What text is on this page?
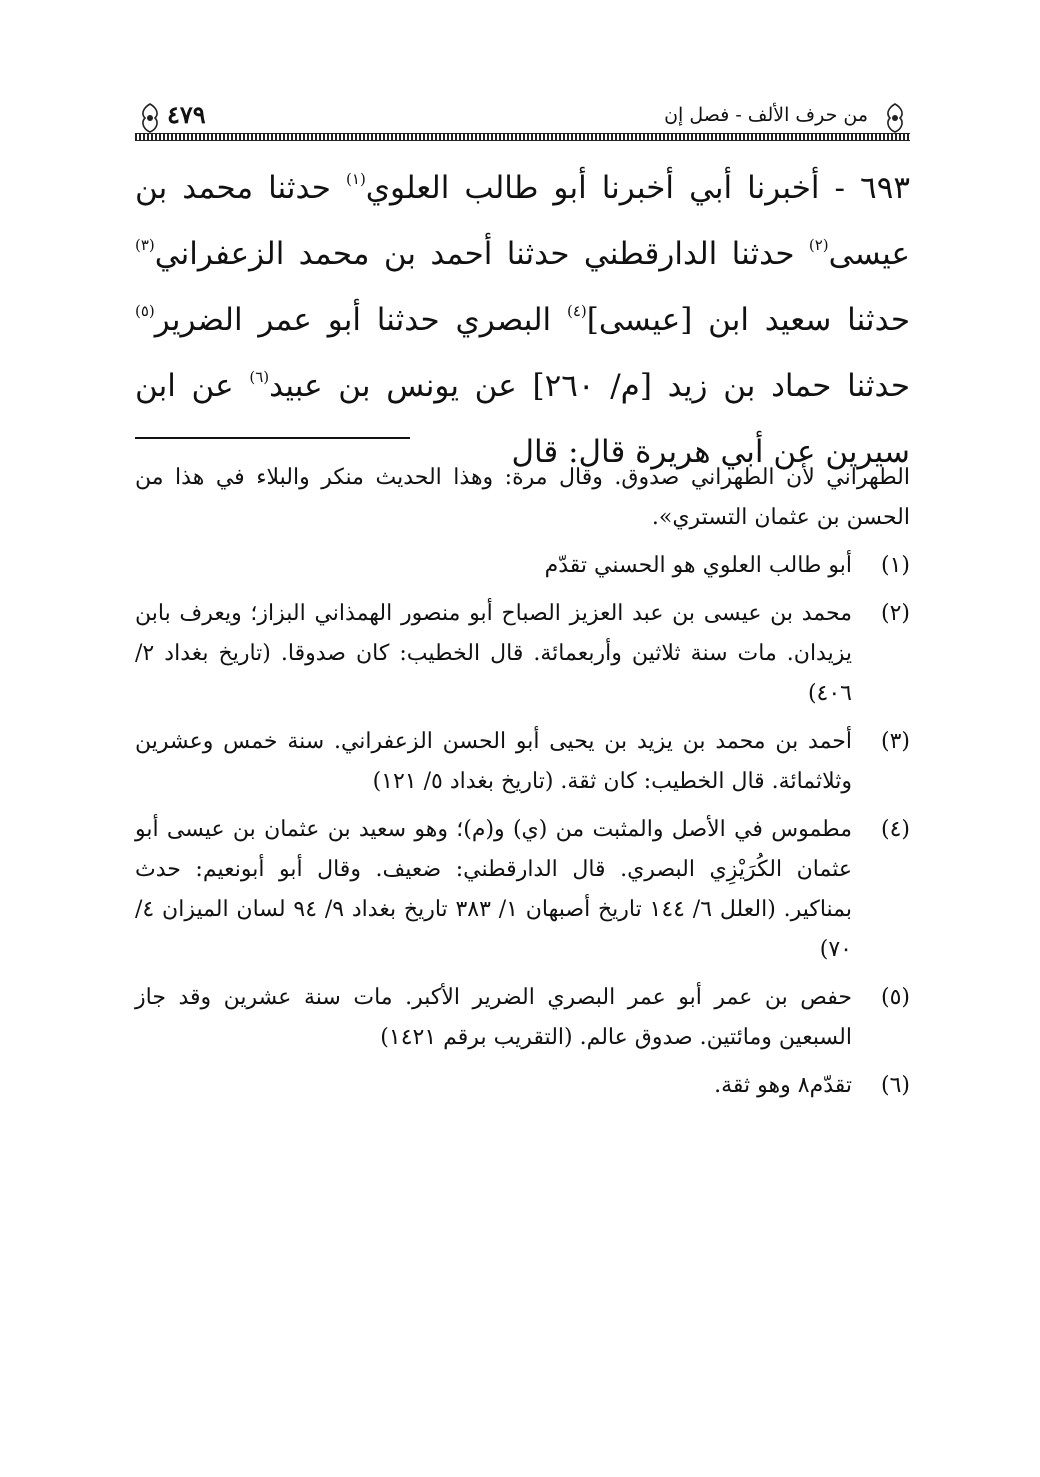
من حرف الألف - فصل إن
٤٧٩
٦٩٣ - أخبرنا أبي أخبرنا أبو طالب العلوي$^{(١)}$ حدثنا محمد بن عيسى$^{(٢)}$ حدثنا الدارقطني حدثنا أحمد بن محمد الزعفراني$^{(٣)}$ حدثنا سعيد ابن [عيسى]$^{(٤)}$ البصري حدثنا أبو عمر الضرير$^{(٥)}$ حدثنا حماد بن زيد [م/ ٢٦٠] عن يونس بن عبيد$^{(٦)}$ عن ابن سيرين عن أبي هريرة قال: قال

الطهراني لأن الطهراني صدوق. وقال مرة: وهذا الحديث منكر والبلاء في هذا من الحسن بن عثمان التستري».

(١)
أبو طالب العلوي هو الحسني تقدّم
(٢)
محمد بن عيسى بن عبد العزيز الصباح أبو منصور الهمذاني البزاز؛ ويعرف بابن يزيدان. مات سنة ثلاثين وأربعمائة. قال الخطيب: كان صدوقا. (تاريخ بغداد ٢/ ٤٠٦)
(٣)
أحمد بن محمد بن يزيد بن يحيى أبو الحسن الزعفراني. سنة خمس وعشرين وثلاثمائة. قال الخطيب: كان ثقة. (تاريخ بغداد ٥/ ١٢١)
(٤)
مطموس في الأصل والمثبت من (ي) و(م)؛ وهو سعيد بن عثمان بن عيسى أبو عثمان الكُرَيْزِي البصري. قال الدارقطني: ضعيف. وقال أبو أبونعيم: حدث بمناكير. (العلل ٦/ ١٤٤ تاريخ أصبهان ١/ ٣٨٣ تاريخ بغداد ٩/ ٩٤ لسان الميزان ٤/ ٧٠)
(٥)
حفص بن عمر أبو عمر البصري الضرير الأكبر. مات سنة عشرين وقد جاز السبعين ومائتين. صدوق عالم. (التقريب برقم ١٤٢١)
(٦)
تقدّم٨ وهو ثقة.
